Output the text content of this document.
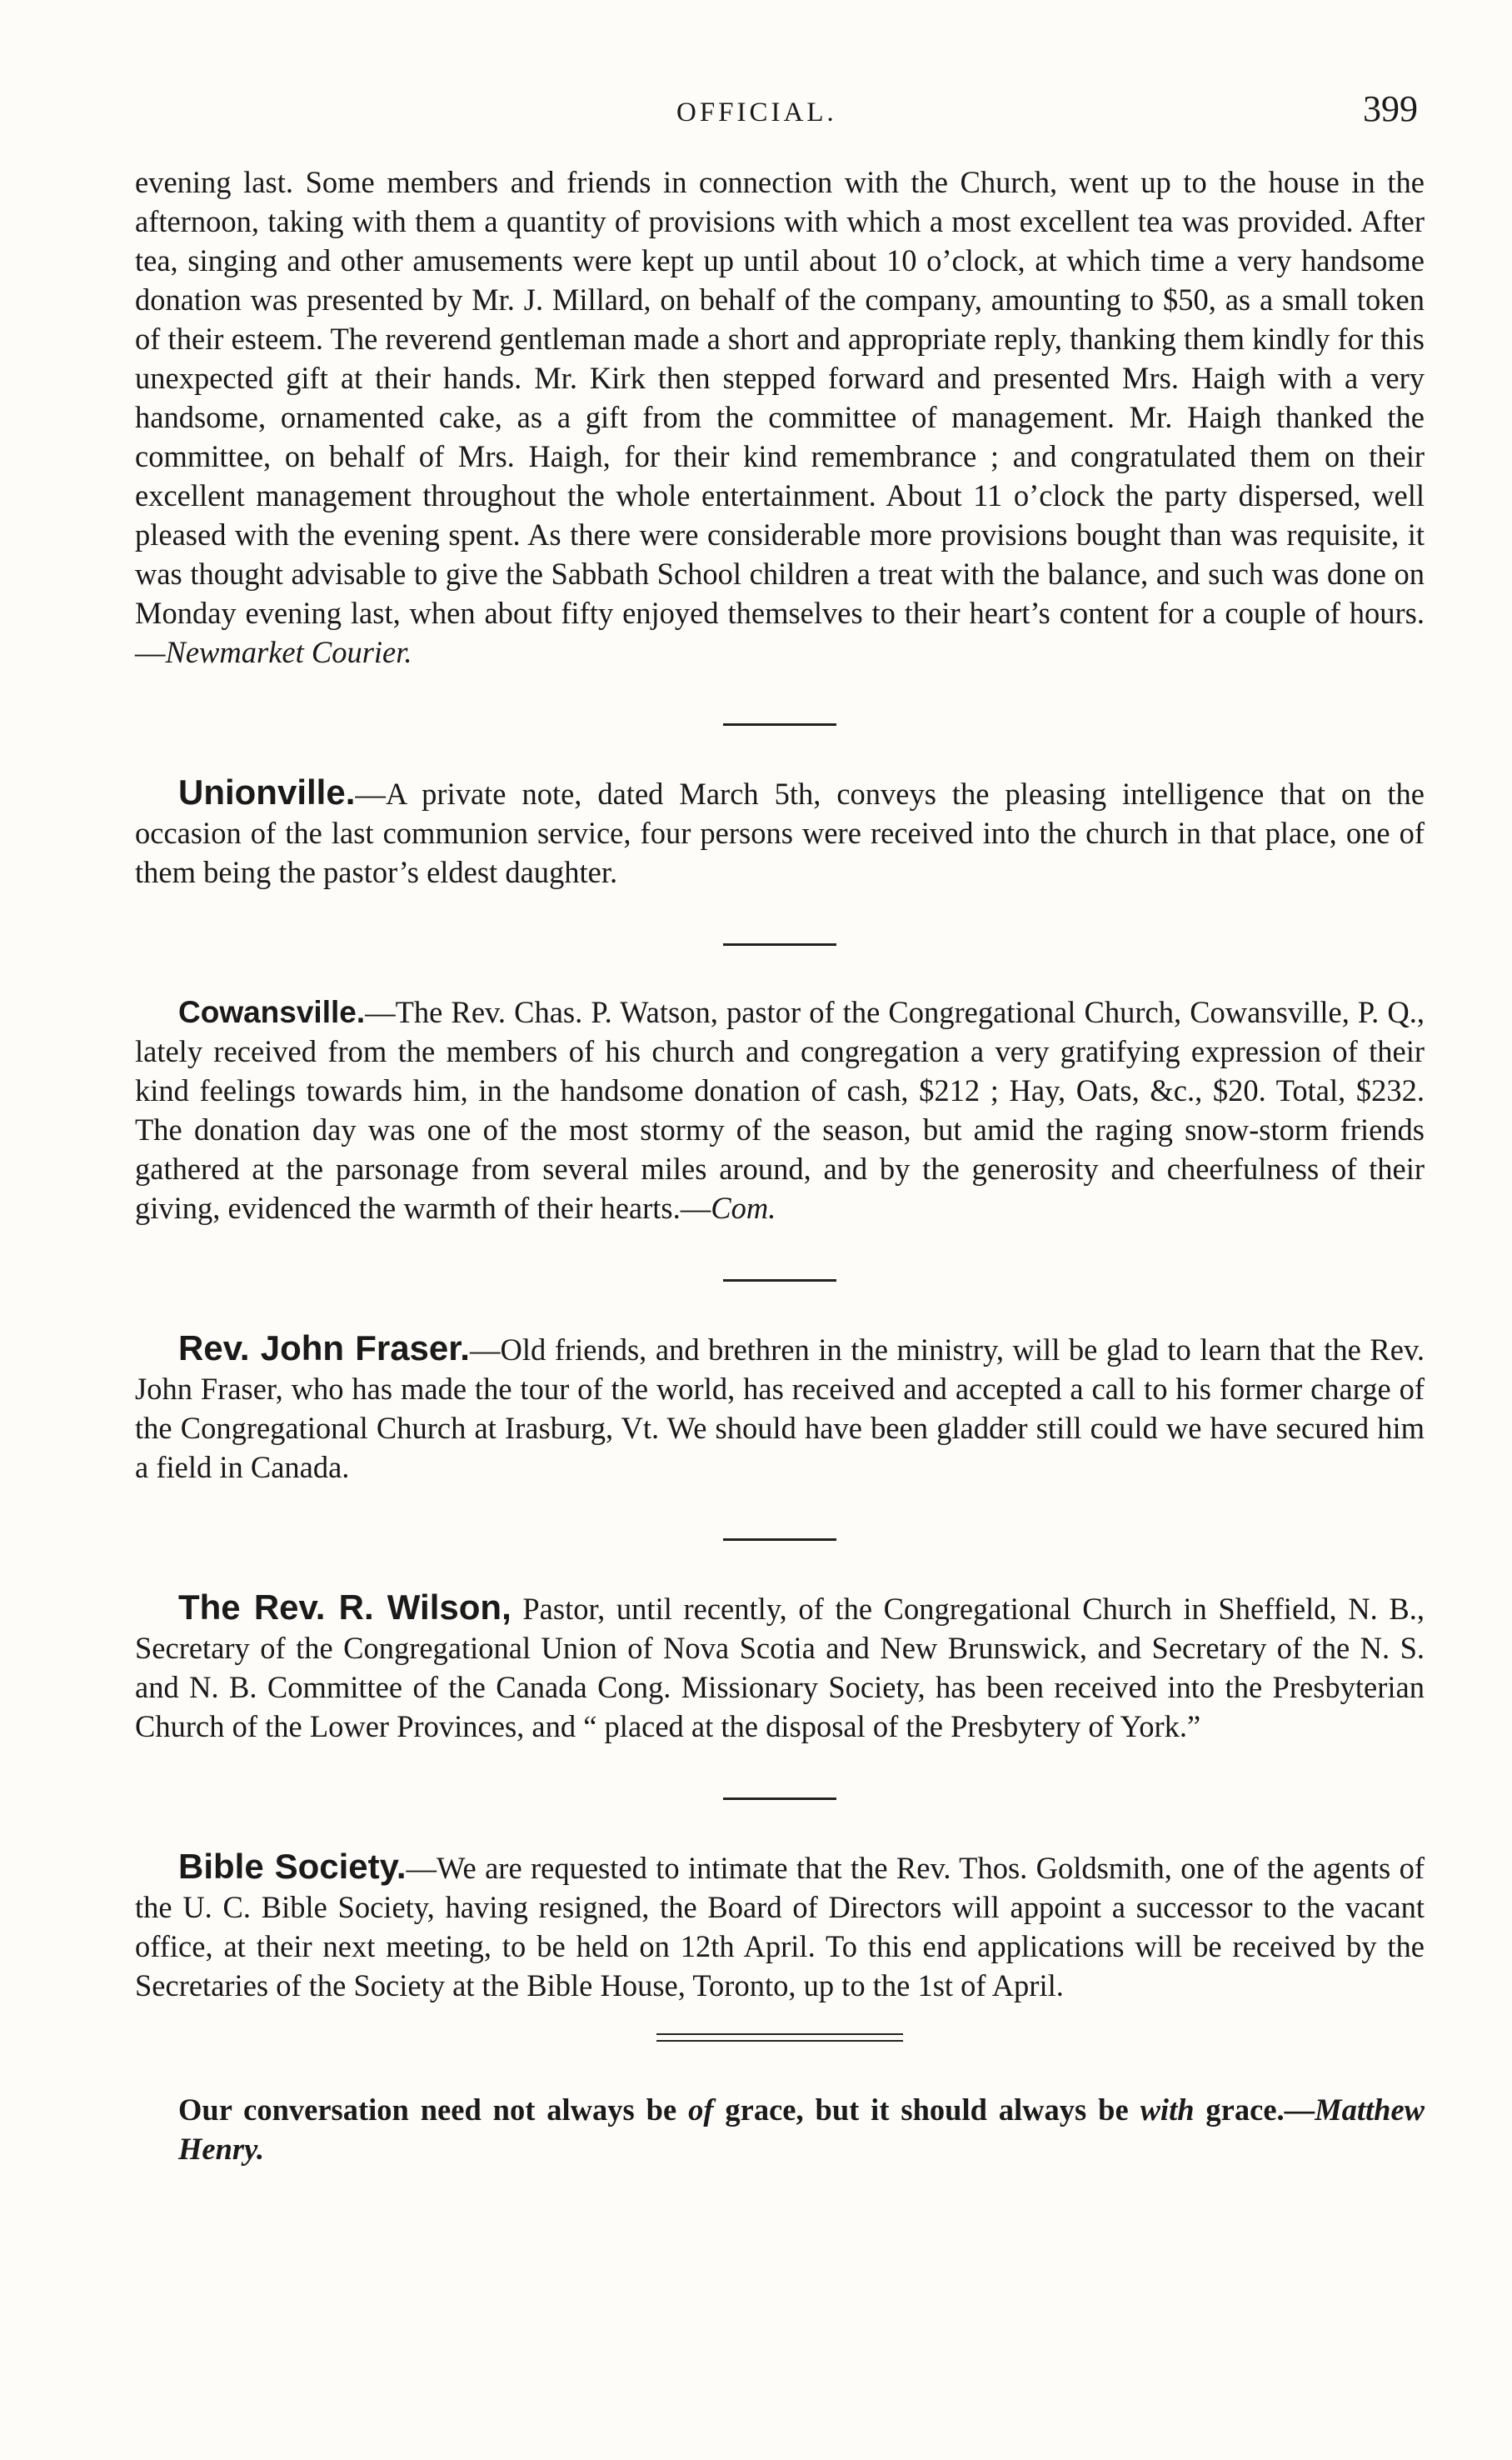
OFFICIAL.	399

evening last. Some members and friends in connection with the Church, went up to the house in the afternoon, taking with them a quantity of provisions with which a most excellent tea was provided. After tea, singing and other amusements were kept up until about 10 o’clock, at which time a very handsome donation was presented by Mr. J. Millard, on behalf of the company, amounting to $50, as a small token of their esteem. The reverend gentleman made a short and appropriate reply, thanking them kindly for this unexpected gift at their hands. Mr. Kirk then stepped forward and presented Mrs. Haigh with a very handsome, ornamented cake, as a gift from the committee of management. Mr. Haigh thanked the committee, on behalf of Mrs. Haigh, for their kind remembrance ; and congratulated them on their excellent management throughout the whole entertainment. About 11 o’clock the party dispersed, well pleased with the evening spent. As there were considerable more provisions bought than was requisite, it was thought advisable to give the Sabbath School children a treat with the balance, and such was done on Monday evening last, when about fifty enjoyed themselves to their heart’s content for a couple of hours.—Newmarket Courier.

Unionville.—A private note, dated March 5th, conveys the pleasing intelligence that on the occasion of the last communion service, four persons were received into the church in that place, one of them being the pastor’s eldest daughter.

Cowansville.—The Rev. Chas. P. Watson, pastor of the Congregational Church, Cowansville, P. Q., lately received from the members of his church and congregation a very gratifying expression of their kind feelings towards him, in the handsome donation of cash, $212 ; Hay, Oats, &c., $20. Total, $232. The donation day was one of the most stormy of the season, but amid the raging snow-storm friends gathered at the parsonage from several miles around, and by the generosity and cheerfulness of their giving, evidenced the warmth of their hearts.—Com.

Rev. John Fraser.—Old friends, and brethren in the ministry, will be glad to learn that the Rev. John Fraser, who has made the tour of the world, has received and accepted a call to his former charge of the Congregational Church at Irasburg, Vt. We should have been gladder still could we have secured him a field in Canada.

The Rev. R. Wilson, Pastor, until recently, of the Congregational Church in Sheffield, N. B., Secretary of the Congregational Union of Nova Scotia and New Brunswick, and Secretary of the N. S. and N. B. Committee of the Canada Cong. Missionary Society, has been received into the Presbyterian Church of the Lower Provinces, and “ placed at the disposal of the Presbytery of York.”

Bible Society.—We are requested to intimate that the Rev. Thos. Goldsmith, one of the agents of the U. C. Bible Society, having resigned, the Board of Directors will appoint a successor to the vacant office, at their next meeting, to be held on 12th April. To this end applications will be received by the Secretaries of the Society at the Bible House, Toronto, up to the 1st of April.

Our conversation need not always be of grace, but it should always be with grace.—Matthew Henry.
